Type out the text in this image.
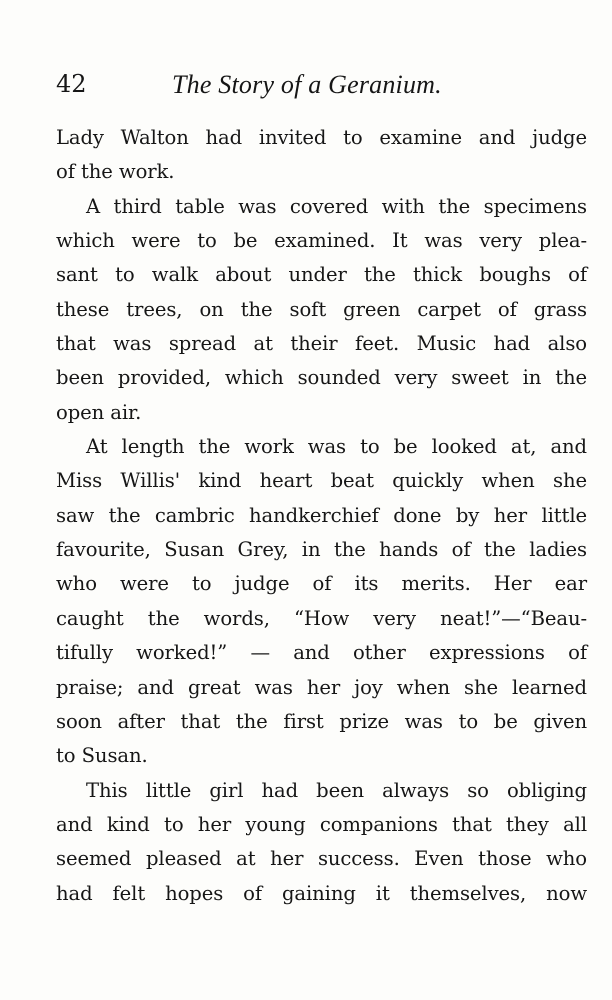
42	The Story of a Geranium.
Lady Walton had invited to examine and judge
of the work.
A third table was covered with the specimens
which were to be examined. It was very plea-
sant to walk about under the thick boughs of
these trees, on the soft green carpet of grass
that was spread at their feet. Music had also
been provided, which sounded very sweet in the
open air.
At length the work was to be looked at, and
Miss Willis' kind heart beat quickly when she
saw the cambric handkerchief done by her little
favourite, Susan Grey, in the hands of the ladies
who were to judge of its merits. Her ear
caught the words, “How very neat!”—“Beau-
tifully worked!” — and other expressions of
praise; and great was her joy when she learned
soon after that the first prize was to be given
to Susan.
This little girl had been always so obliging
and kind to her young companions that they all
seemed pleased at her success. Even those who
had felt hopes of gaining it themselves, now
